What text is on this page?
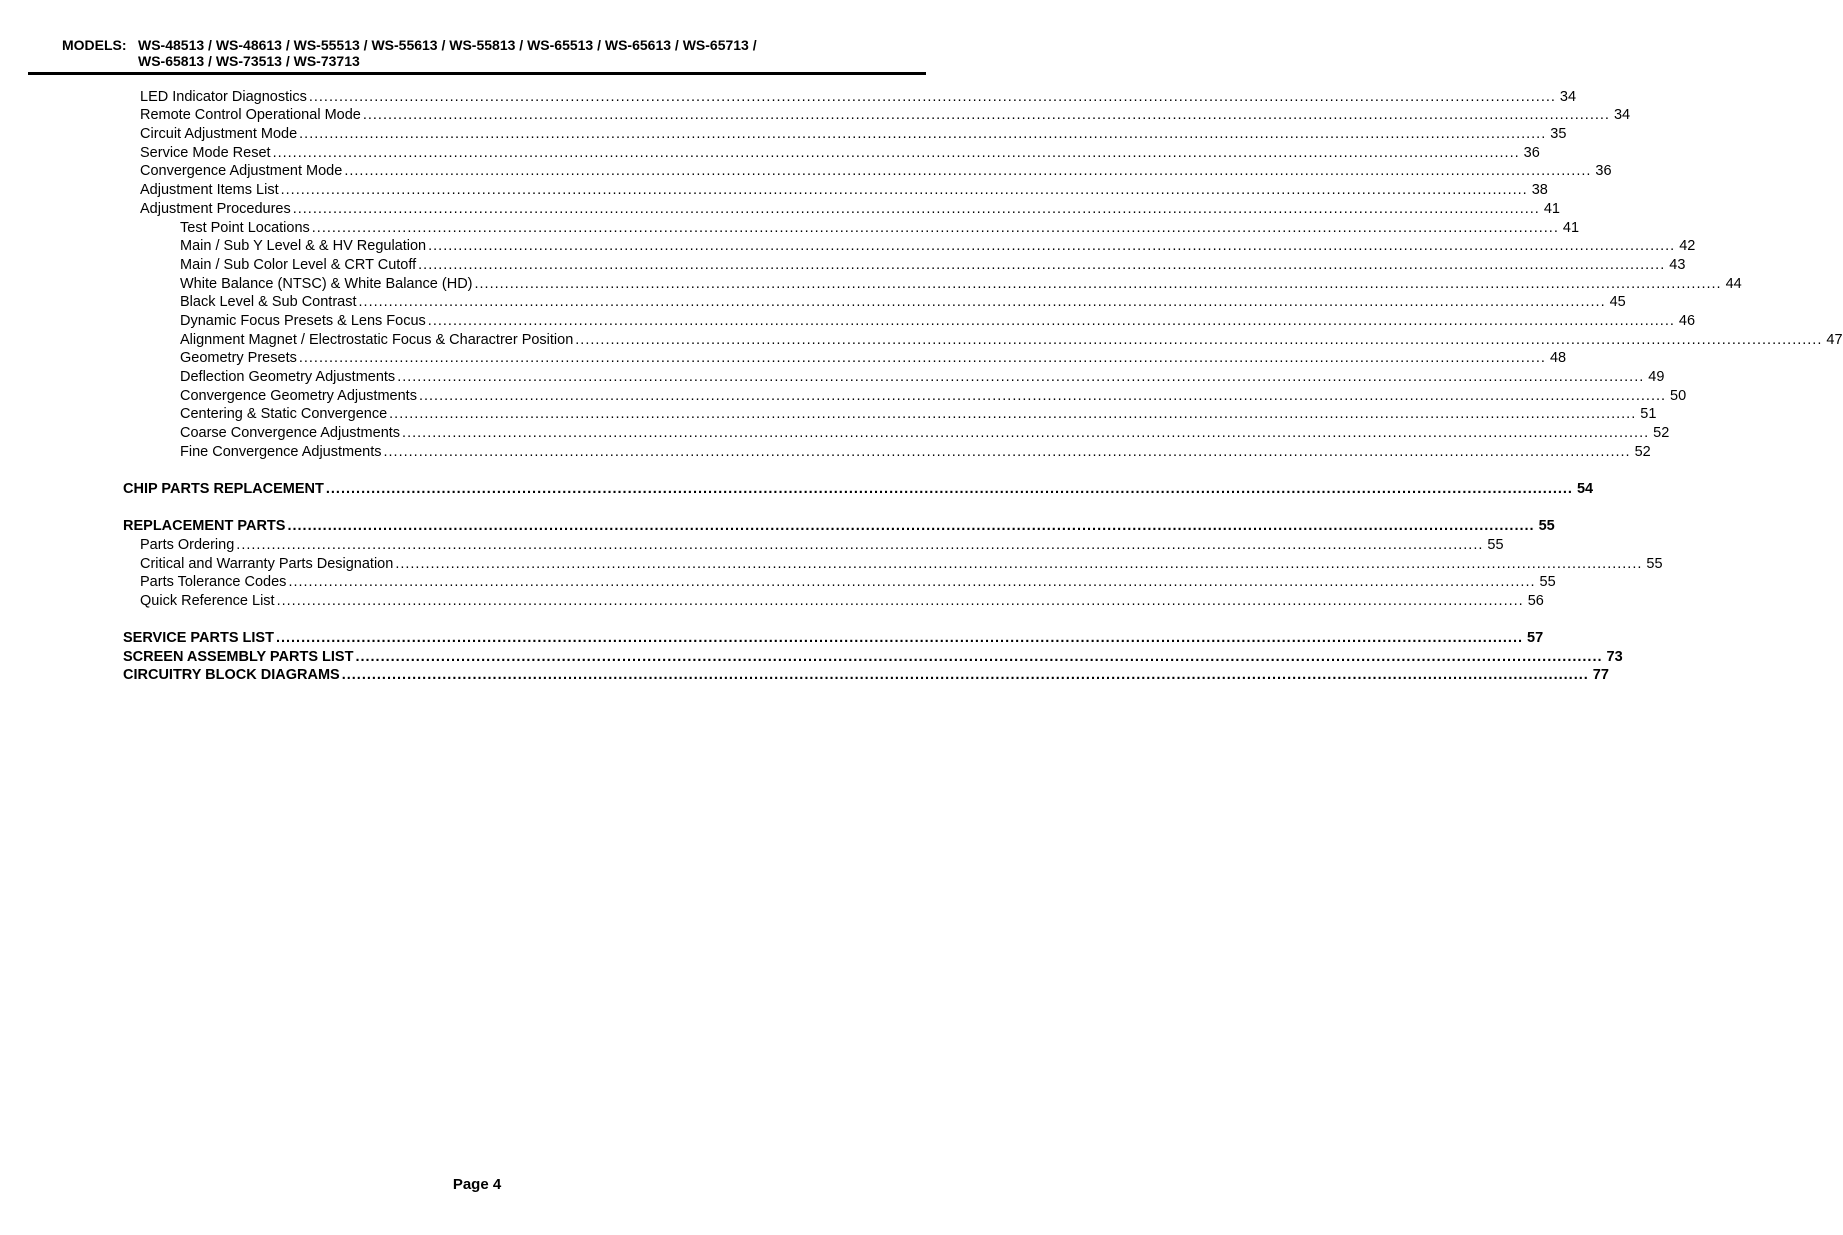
MODELS: WS-48513 / WS-48613 / WS-55513 / WS-55613 / WS-55813 / WS-65513 / WS-65613 / WS-65713 /
WS-65813 / WS-73513 / WS-73713
LED Indicator Diagnostics .....	34
Remote Control Operational Mode .....	34
Circuit Adjustment Mode .....	35
Service Mode Reset .....	36
Convergence Adjustment Mode .....	36
Adjustment Items List .....	38
Adjustment Procedures .....	41
Test Point Locations .....	41
Main / Sub Y Level & & HV Regulation .....	42
Main / Sub Color Level & CRT Cutoff .....	43
White Balance (NTSC) & White Balance (HD) .....	44
Black Level & Sub Contrast .....	45
Dynamic Focus Presets & Lens Focus .....	46
Alignment Magnet / Electrostatic Focus & Charactrer Position .....	47
Geometry Presets .....	48
Deflection Geometry Adjustments .....	49
Convergence Geometry Adjustments .....	50
Centering & Static Convergence .....	51
Coarse Convergence Adjustments .....	52
Fine Convergence Adjustments .....	52
CHIP PARTS REPLACEMENT .....	54
REPLACEMENT PARTS .....	55
Parts Ordering .....	55
Critical and Warranty Parts Designation .....	55
Parts Tolerance Codes .....	55
Quick Reference List .....	56
SERVICE PARTS LIST .....	57
SCREEN ASSEMBLY PARTS LIST .....	73
CIRCUITRY BLOCK DIAGRAMS .....	77
Page 4
